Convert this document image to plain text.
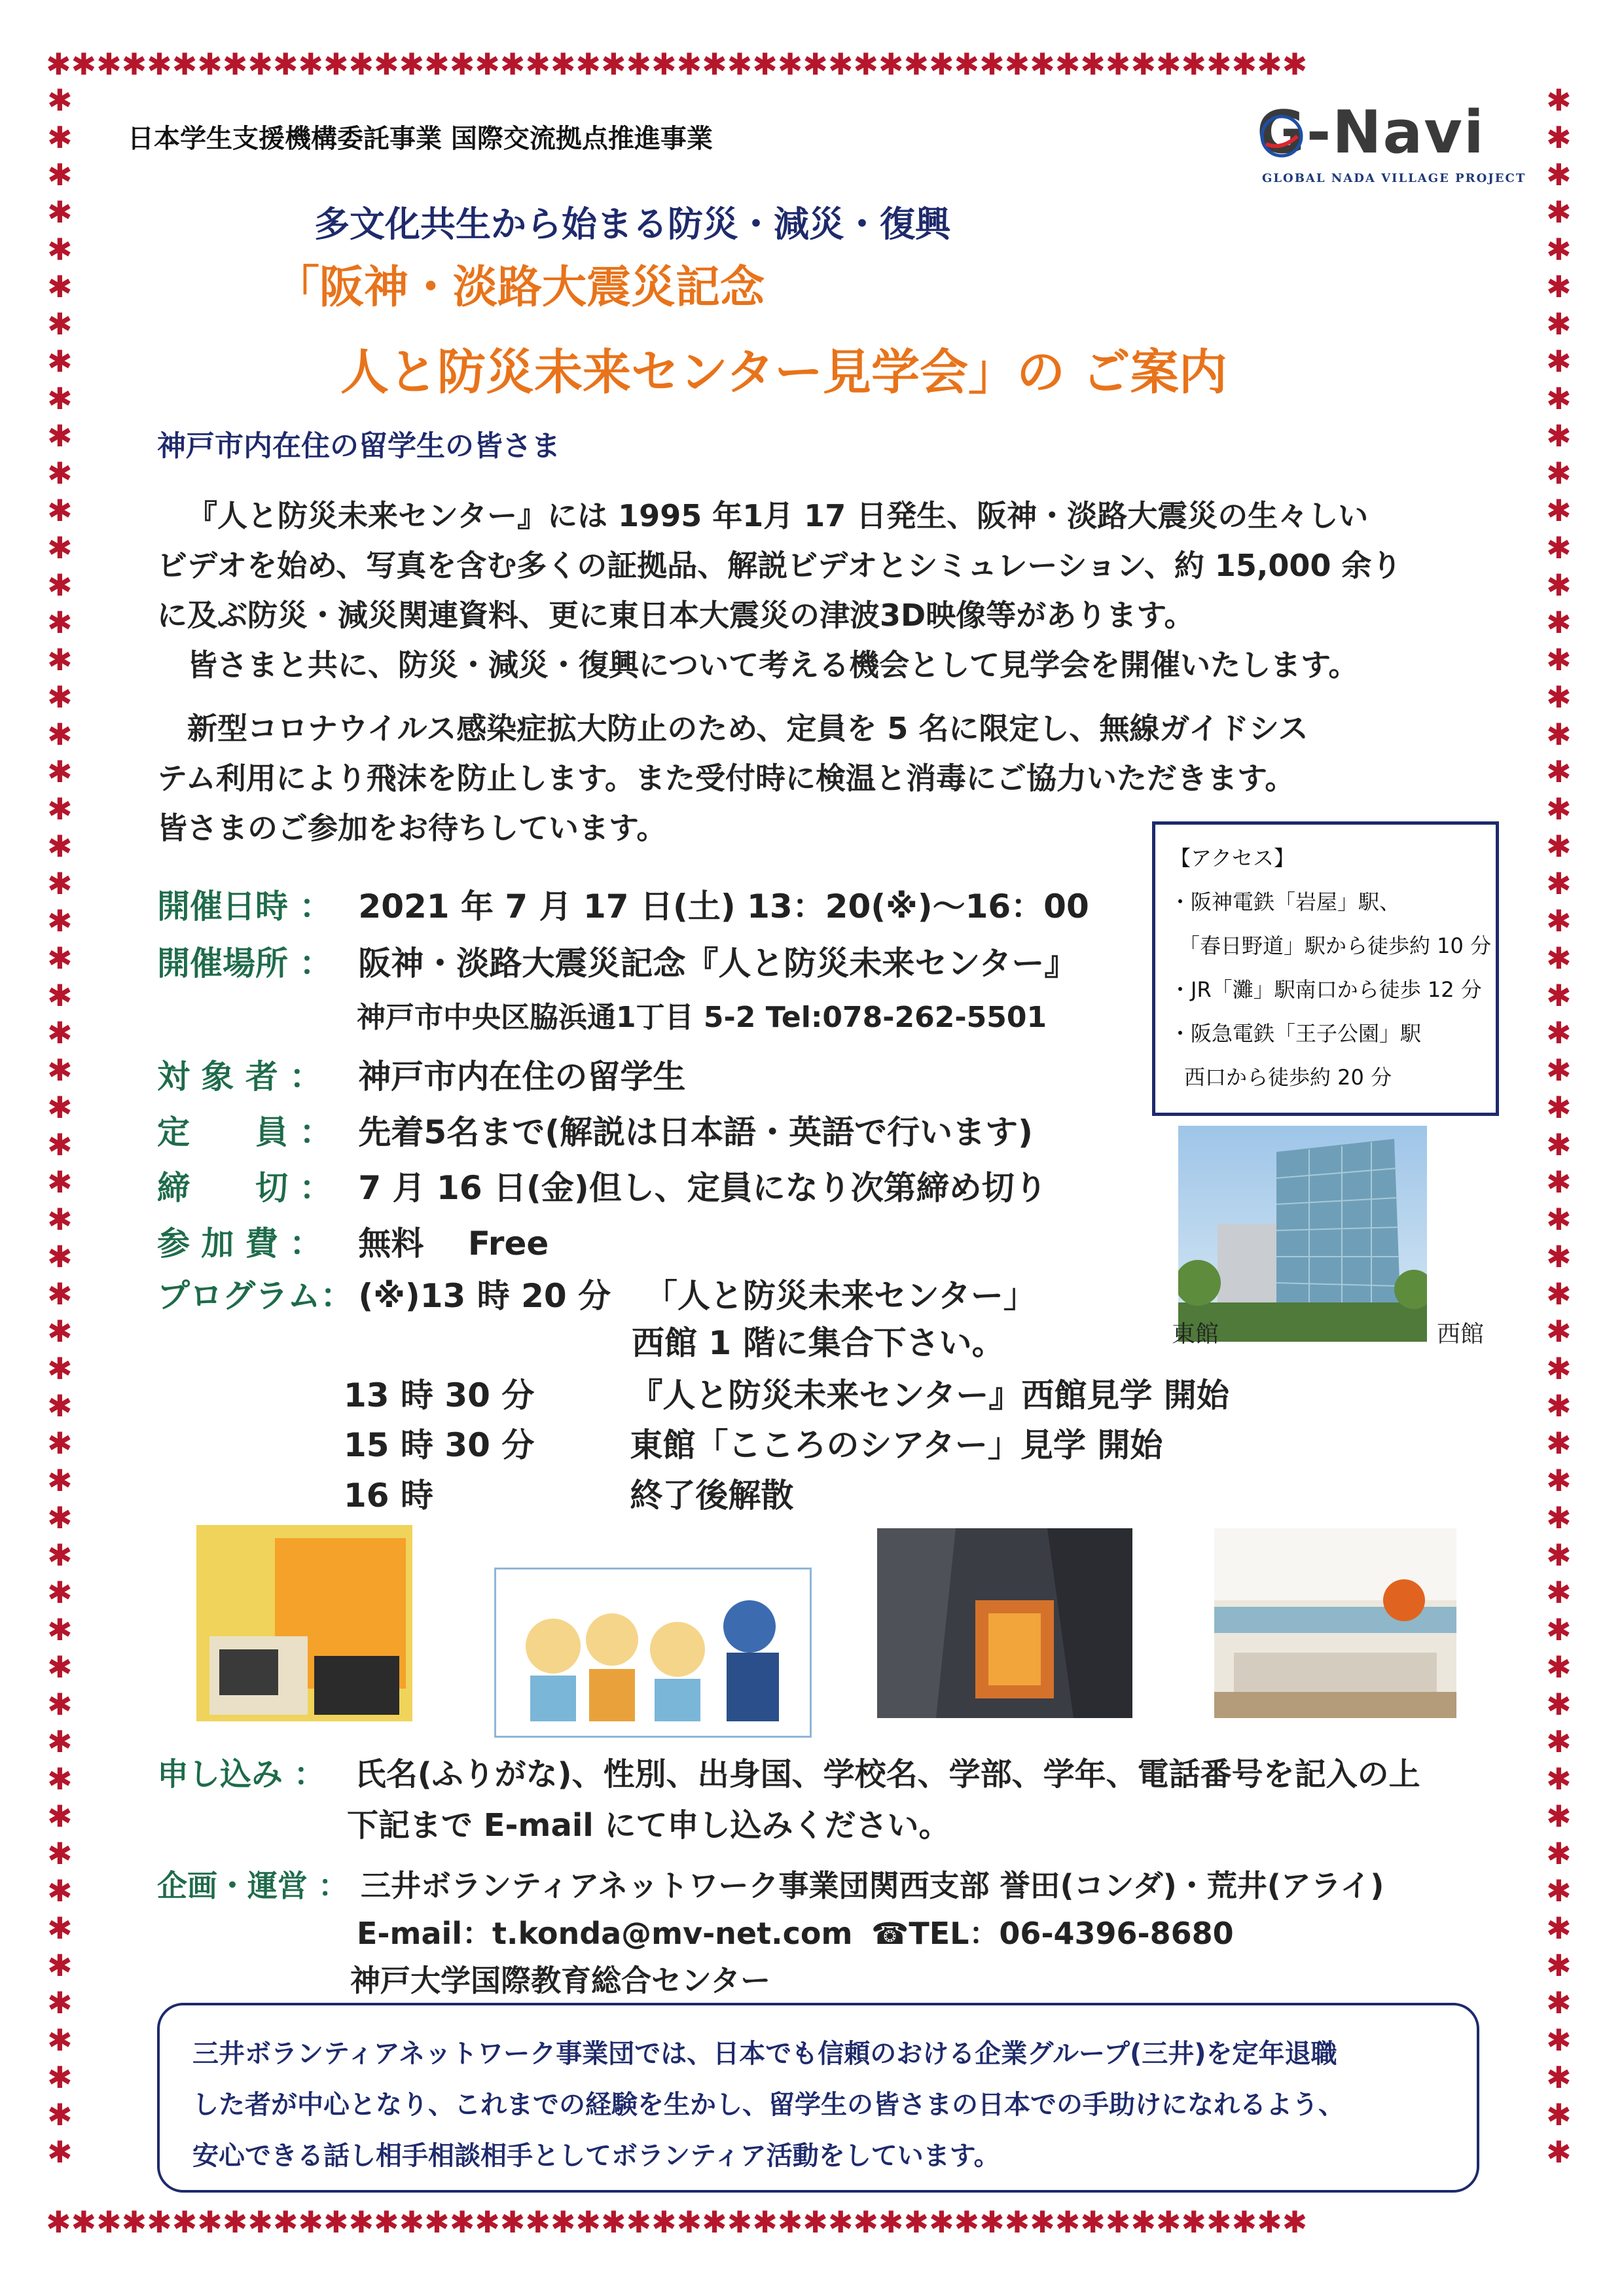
✱✱✱✱✱✱✱✱✱✱✱✱✱✱✱✱✱✱✱✱✱✱✱✱✱✱✱✱✱✱✱✱✱✱✱✱✱✱✱✱✱✱✱✱✱✱✱✱✱✱
✱✱✱✱✱✱✱✱✱✱✱✱✱✱✱✱✱✱✱✱✱✱✱✱✱✱✱✱✱✱✱✱✱✱✱✱✱✱✱✱✱✱✱✱✱✱✱✱✱✱
✱✱✱✱✱✱✱✱✱✱✱✱✱✱✱✱✱✱✱✱✱✱✱✱✱✱✱✱✱✱✱✱✱✱✱✱✱✱✱✱✱✱✱✱✱✱✱✱✱✱✱✱✱✱✱✱
✱✱✱✱✱✱✱✱✱✱✱✱✱✱✱✱✱✱✱✱✱✱✱✱✱✱✱✱✱✱✱✱✱✱✱✱✱✱✱✱✱✱✱✱✱✱✱✱✱✱✱✱✱✱✱✱
日本学生支援機構委託事業 国際交流拠点推進事業	G-Navi
GLOBAL NADA VILLAGE PROJECT
多文化共生から始まる防災・減災・復興
「阪神・淡路大震災記念
人と防災未来センター見学会」の ご案内
神戸市内在住の留学生の皆さま
『人と防災未来センター』には 1995 年1月 17 日発生、阪神・淡路大震災の生々しい
ビデオを始め、写真を含む多くの証拠品、解説ビデオとシミュレーション、約 15,000 余り
に及ぶ防災・減災関連資料、更に東日本大震災の津波3D映像等があります。
皆さまと共に、防災・減災・復興について考える機会として見学会を開催いたします。
新型コロナウイルス感染症拡大防止のため、定員を 5 名に限定し、無線ガイドシス
テム利用により飛沫を防止します。また受付時に検温と消毒にご協力いただきます。
皆さまのご参加をお待ちしています。
【アクセス】
・阪神電鉄「岩屋」駅、
「春日野道」駅から徒歩約 10 分
・JR「灘」駅南口から徒歩 12 分
・阪急電鉄「王子公園」駅
西口から徒歩約 20 分
開催日時 ： 2021 年 7 月 17 日(土) 13：20(※)～16：00
開催場所 ： 阪神・淡路大震災記念『人と防災未来センター』
神戸市中央区脇浜通1丁目 5-2 Tel:078-262-5501
対 象 者 ： 神戸市内在住の留学生
定　　員 ： 先着5名まで(解説は日本語・英語で行います)
締　　切 ： 7 月 16 日(金)但し、定員になり次第締め切り
参 加 費 ： 無料　 Free
プログラム： (※)13 時 20 分 「人と防災未来センター」
西館 1 階に集合下さい。
13 時 30 分	『人と防災未来センター』西館見学 開始
15 時 30 分	東館「こころのシアター」見学 開始
16 時	終了後解散
東館	西館
申し込み ： 氏名(ふりがな)、性別、出身国、学校名、学部、学年、電話番号を記入の上
下記まで E-mail にて申し込みください。
企画・運営 ： 三井ボランティアネットワーク事業団関西支部 誉田(コンダ)・荒井(アライ)
E-mail：t.konda@mv-net.com ☎TEL：06-4396-8680
神戸大学国際教育総合センター
三井ボランティアネットワーク事業団では、日本でも信頼のおける企業グループ(三井)を定年退職
した者が中心となり、これまでの経験を生かし、留学生の皆さまの日本での手助けになれるよう、
安心できる話し相手相談相手としてボランティア活動をしています。
